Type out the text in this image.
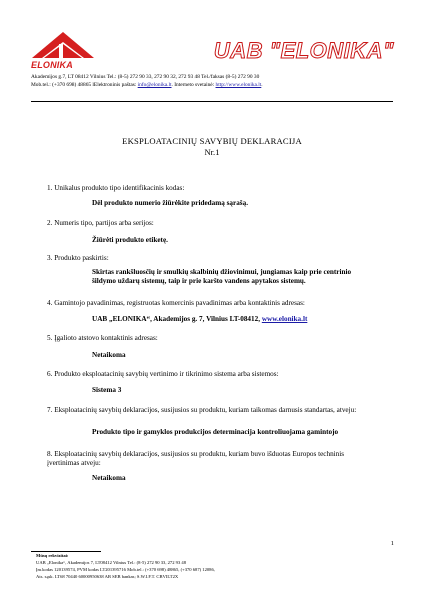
ELONIKA
UAB "ELONIKA"
Akademijos g.7, LT 08412 Vilnius Tel.: (8-5) 272 90 33, 272 90 32, 272 93 48 Tel./faksas (8-5) 272 90 30
Mob.tel.: (+370 698) 48865 lElektroninis paštas: info@elonika.lt. Interneto svetainė: http://www.elonika.lt.
EKSPLOATACINIŲ SAVYBIŲ DEKLARACIJA
Nr.1
1. Unikalus produkto tipo identifikacinis kodas:
Dėl produkto numerio žiūrėkite pridedamą sąrašą.
2. Numeris tipo, partijos arba serijos:
Žiūrėti produkto etiketę.
3. Produkto paskirtis:
Skirtas rankšluosčių ir smulkių skalbinių džiovinimui, jungiamas kaip prie centrinio šildymo uždarų sistemų, taip ir prie karšto vandens apytakos sistemų.
4. Gamintojo pavadinimas, registruotas komercinis pavadinimas arba kontaktinis adresas:
UAB „ELONIKA“, Akademijos g. 7, Vilnius LT-08412, www.elonika.lt
5. Įgalioto atstovo kontaktinis adresas:
Netaikoma
6. Produkto eksploatacinių savybių vertinimo ir tikrinimo sistema arba sistemos:
Sistema 3
7. Eksploatacinių savybių deklaracijos, susijusios su produktu, kuriam taikomas darnusis standartas, atveju:
Produkto tipo ir gamyklos produkcijos determinacija kontroliuojama gamintojo
8. Eksploatacinių savybių deklaracijos, susijusios su produktu, kuriam buvo išduotas Europos techninis įvertinimas atveju:
Netaikoma
1
Mūsų rekvizitai:
UAB „Elonika“, Akademijos 7, LT08412 Vilnius Tel.: (8-5) 272 90 33, 272 93 48
Įm.kodas 120139574, PVM kodas LT201395716 Mob.tel.: (+370 698) 48865, (+370 687) 12086,
Ats. sąsk. LT68 70440 60000950638 AB SEB bankas; S.W.I.F.T. CBVILT2X
